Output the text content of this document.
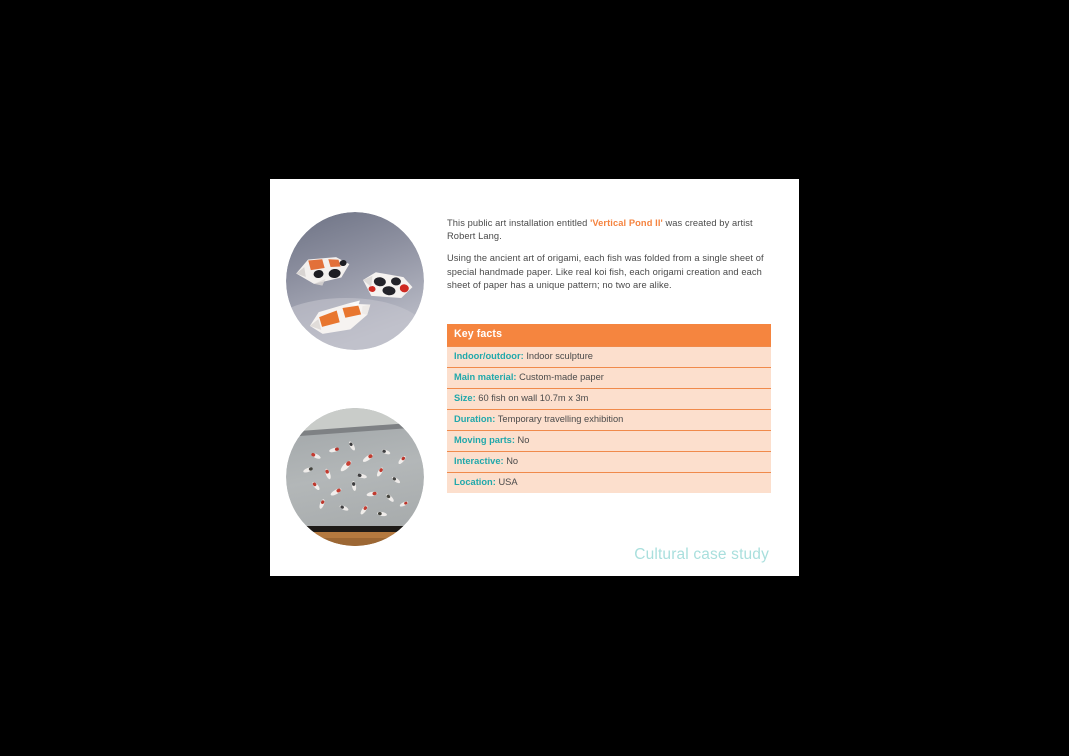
This public art installation entitled 'Vertical Pond II' was created by artist Robert Lang.

Using the ancient art of origami, each fish was folded from a single sheet of special handmade paper. Like real koi fish, each origami creation and each sheet of paper has a unique pattern; no two are alike.

Key facts
Indoor/outdoor: Indoor sculpture
Main material: Custom-made paper
Size: 60 fish on wall 10.7m x 3m
Duration: Temporary travelling exhibition
Moving parts: No
Interactive: No
Location: USA
Cultural case study
